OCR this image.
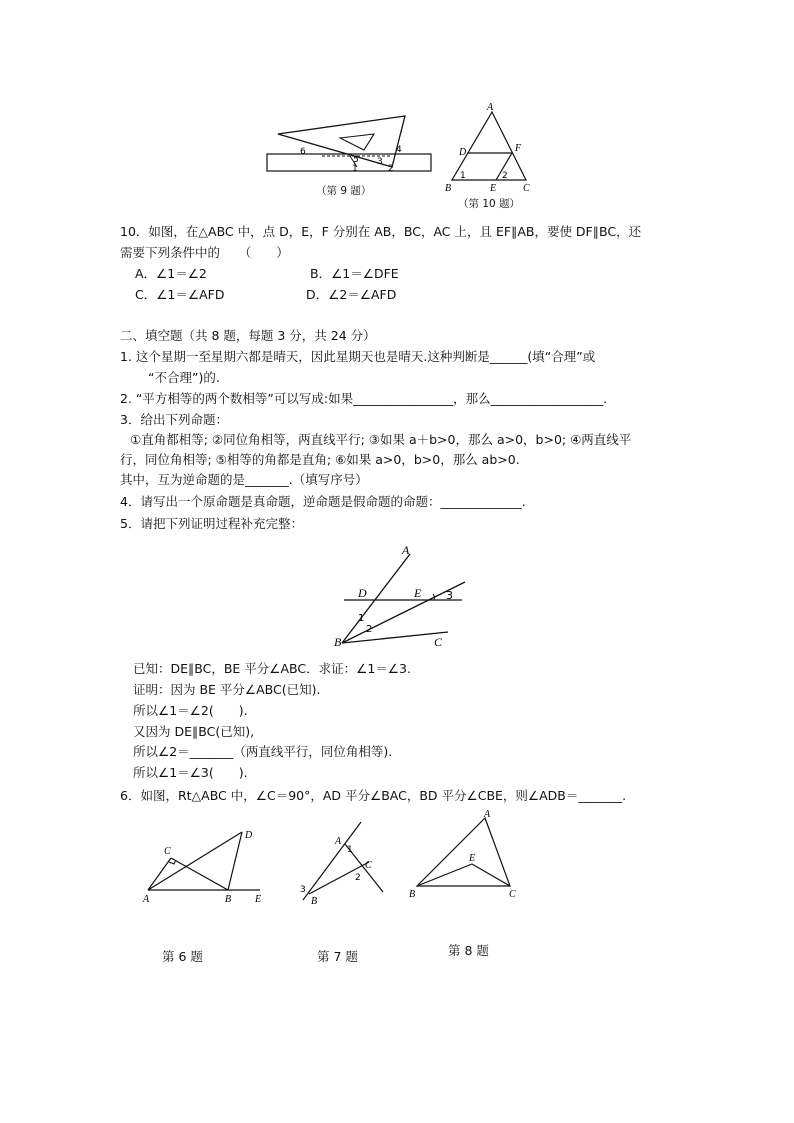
6	4
5 3
1	2
（第 9 题）
A
D	F
B	E	C
1	2
（第 10 题）
10．如图，在△ABC 中，点 D，E，F 分别在 AB，BC，AC 上，且 EF∥AB，要使 DF∥BC，还
需要下列条件中的　　（　　）
A．∠1＝∠2	B．∠1＝∠DFE
C．∠1＝∠AFD	D．∠2＝∠AFD
二、填空题（共 8 题，每题 3 分，共 24 分）
1. 这个星期一至星期六都是晴天，因此星期天也是晴天.这种判断是______(填“合理”或
“不合理”)的.
2. “平方相等的两个数相等”可以写成:如果________________，那么__________________.
3．给出下列命题：
①直角都相等; ②同位角相等，两直线平行; ③如果 a＋b>0，那么 a>0，b>0; ④两直线平
行，同位角相等; ⑤相等的角都是直角; ⑥如果 a>0，b>0，那么 ab>0.
其中，互为逆命题的是_______.（填写序号）
4．请写出一个原命题是真命题，逆命题是假命题的命题：_____________.
5．请把下列证明过程补充完整：
A
D	E 3
1
2
B	C
已知：DE∥BC，BE 平分∠ABC．求证：∠1＝∠3.
证明：因为 BE 平分∠ABC(已知).
所以∠1＝∠2(　　).
又因为 DE∥BC(已知),
所以∠2＝_______（两直线平行，同位角相等).
所以∠1＝∠3(　　).
6．如图，Rt△ABC 中，∠C＝90°，AD 平分∠BAC，BD 平分∠CBE，则∠ADB＝_______.
C
D
A	B E
第 6 题
A
1
C
2
3
B
第 7 题
A
E
B	C
第 8 题
